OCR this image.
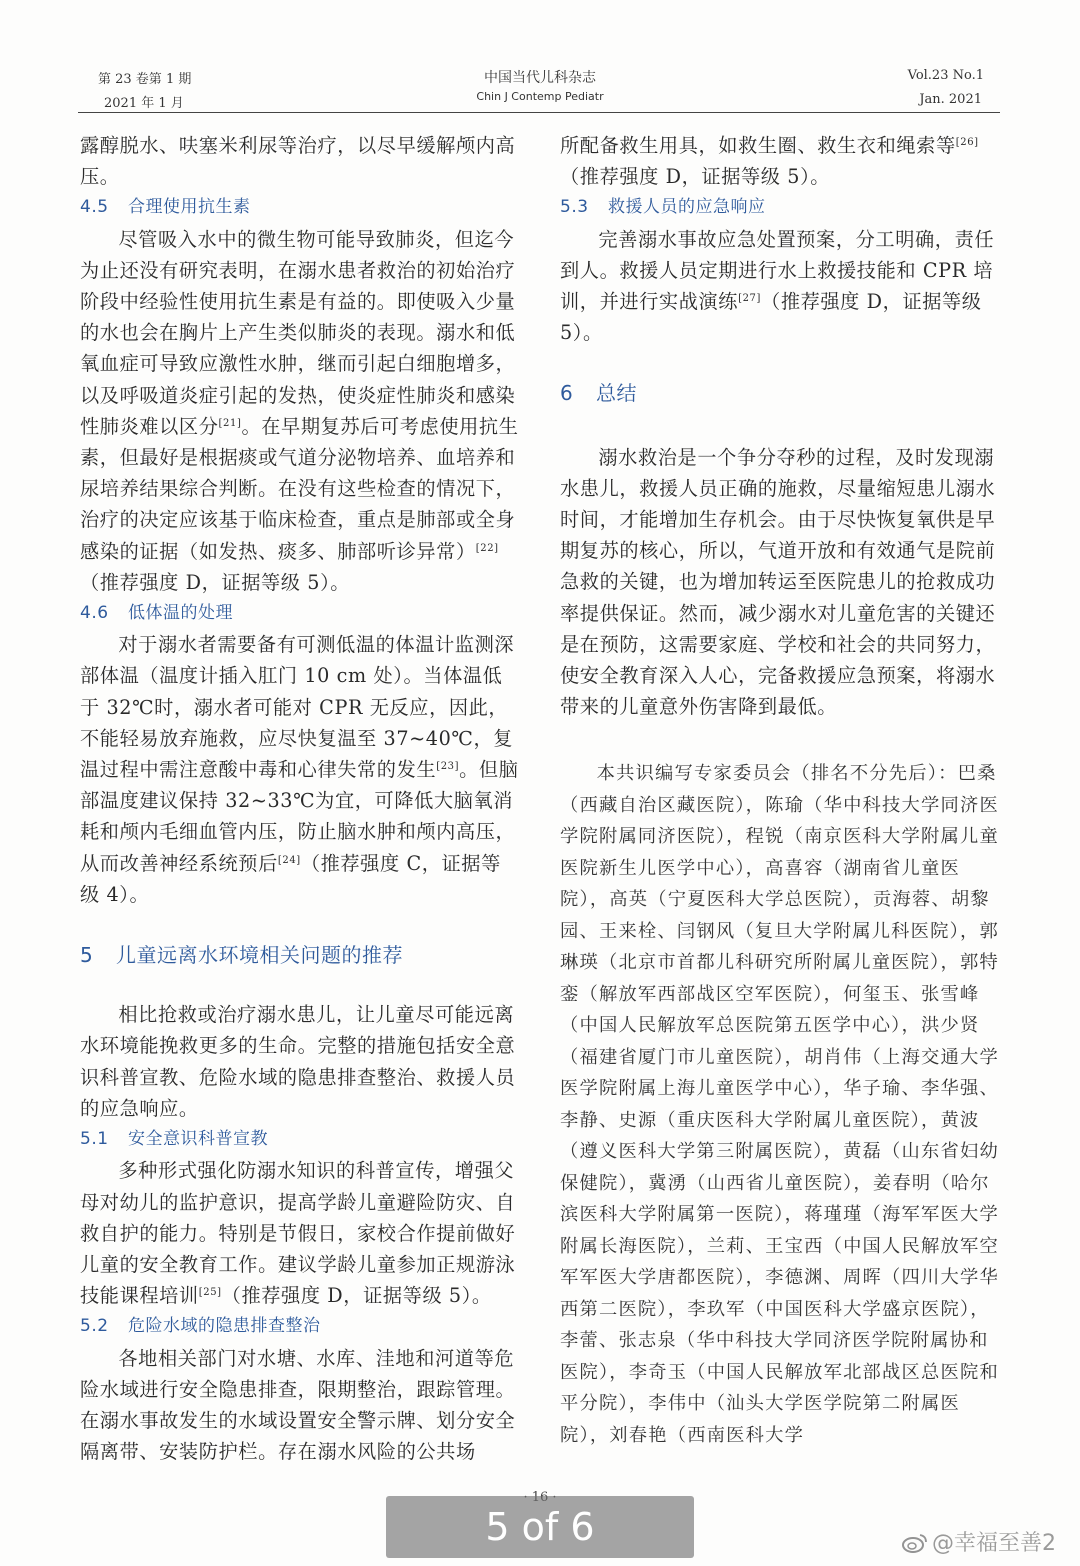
第 23 卷第 1 期
2021 年 1 月
中国当代儿科杂志
Chin J Contemp Pediatr
Vol.23 No.1
Jan. 2021

露醇脱水、呋塞米利尿等治疗，以尽早缓解颅内高压。

4.5 合理使用抗生素

尽管吸入水中的微生物可能导致肺炎，但迄今为止还没有研究表明，在溺水患者救治的初始治疗阶段中经验性使用抗生素是有益的。即使吸入少量的水也会在胸片上产生类似肺炎的表现。溺水和低氧血症可导致应激性水肿，继而引起白细胞增多，以及呼吸道炎症引起的发热，使炎症性肺炎和感染性肺炎难以区分[21]。在早期复苏后可考虑使用抗生素，但最好是根据痰或气道分泌物培养、血培养和尿培养结果综合判断。在没有这些检查的情况下，治疗的决定应该基于临床检查，重点是肺部或全身感染的证据（如发热、痰多、肺部听诊异常）[22]（推荐强度 D，证据等级 5）。

4.6 低体温的处理

对于溺水者需要备有可测低温的体温计监测深部体温（温度计插入肛门 10 cm 处）。当体温低于 32℃时，溺水者可能对 CPR 无反应，因此，不能轻易放弃施救，应尽快复温至 37~40℃，复温过程中需注意酸中毒和心律失常的发生[23]。但脑部温度建议保持 32~33℃为宜，可降低大脑氧消耗和颅内毛细血管内压，防止脑水肿和颅内高压，从而改善神经系统预后[24]（推荐强度 C，证据等级 4）。

5 儿童远离水环境相关问题的推荐

相比抢救或治疗溺水患儿，让儿童尽可能远离水环境能挽救更多的生命。完整的措施包括安全意识科普宣教、危险水域的隐患排查整治、救援人员的应急响应。

5.1 安全意识科普宣教

多种形式强化防溺水知识的科普宣传，增强父母对幼儿的监护意识，提高学龄儿童避险防灾、自救自护的能力。特别是节假日，家校合作提前做好儿童的安全教育工作。建议学龄儿童参加正规游泳技能课程培训[25]（推荐强度 D，证据等级 5）。

5.2 危险水域的隐患排查整治

各地相关部门对水塘、水库、洼地和河道等危险水域进行安全隐患排查，限期整治，跟踪管理。在溺水事故发生的水域设置安全警示牌、划分安全隔离带、安装防护栏。存在溺水风险的公共场

所配备救生用具，如救生圈、救生衣和绳索等[26]（推荐强度 D，证据等级 5）。

5.3 救援人员的应急响应

完善溺水事故应急处置预案，分工明确，责任到人。救援人员定期进行水上救援技能和 CPR 培训，并进行实战演练[27]（推荐强度 D，证据等级 5）。

6 总结

溺水救治是一个争分夺秒的过程，及时发现溺水患儿，救援人员正确的施救，尽量缩短患儿溺水时间，才能增加生存机会。由于尽快恢复氧供是早期复苏的核心，所以，气道开放和有效通气是院前急救的关键，也为增加转运至医院患儿的抢救成功率提供保证。然而，减少溺水对儿童危害的关键还是在预防，这需要家庭、学校和社会的共同努力，使安全教育深入人心，完备救援应急预案，将溺水带来的儿童意外伤害降到最低。

本共识编写专家委员会（排名不分先后）：巴桑（西藏自治区藏医院），陈瑜（华中科技大学同济医学院附属同济医院），程锐（南京医科大学附属儿童医院新生儿医学中心），高喜容（湖南省儿童医院），高英（宁夏医科大学总医院），贡海蓉、胡黎园、王来栓、闫钢风（复旦大学附属儿科医院），郭琳瑛（北京市首都儿科研究所附属儿童医院），郭特銮（解放军西部战区空军医院），何玺玉、张雪峰（中国人民解放军总医院第五医学中心），洪少贤（福建省厦门市儿童医院），胡肖伟（上海交通大学医学院附属上海儿童医学中心），华子瑜、李华强、李静、史源（重庆医科大学附属儿童医院），黄波（遵义医科大学第三附属医院），黄磊（山东省妇幼保健院），冀湧（山西省儿童医院），姜春明（哈尔滨医科大学附属第一医院），蒋瑾瑾（海军军医大学附属长海医院），兰莉、王宝西（中国人民解放军空军军医大学唐都医院），李德渊、周晖（四川大学华西第二医院），李玖军（中国医科大学盛京医院），李蕾、张志泉（华中科技大学同济医学院附属协和医院），李奇玉（中国人民解放军北部战区总医院和平分院），李伟中（汕头大学医学院第二附属医院），刘春艳（西南医科大学

5 of 6	@幸福至善2
